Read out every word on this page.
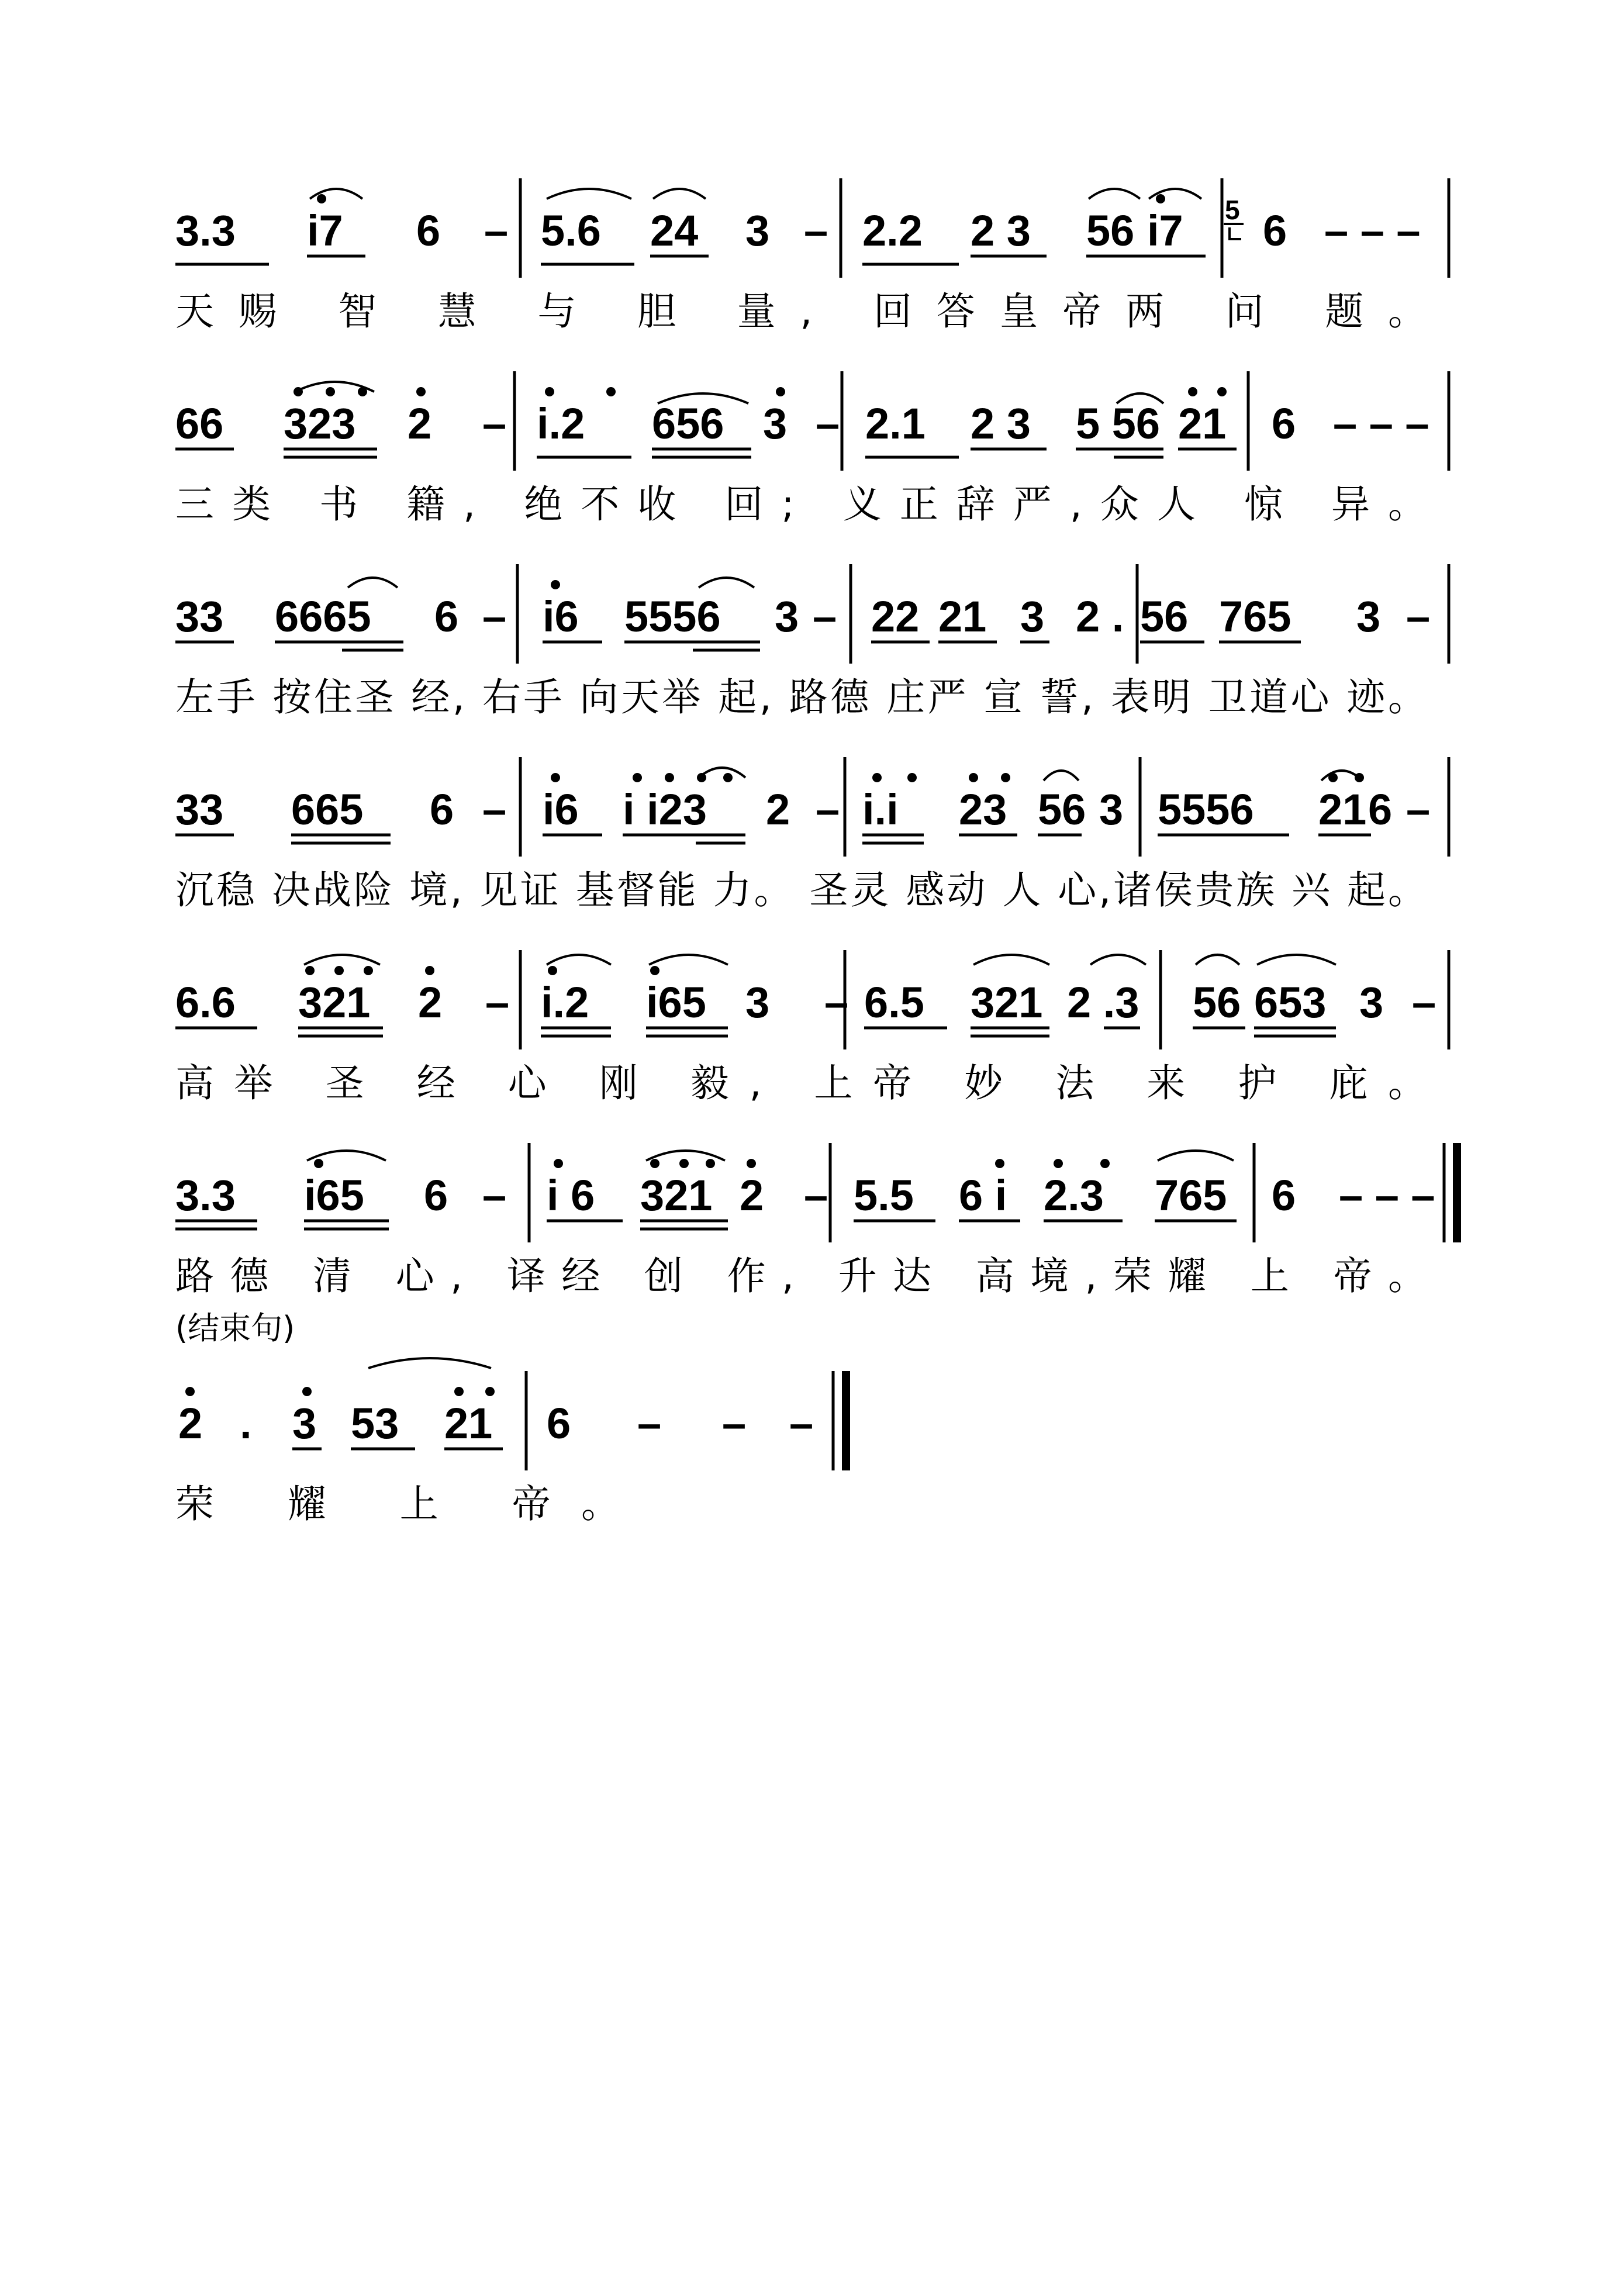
3.3 i7 6 – 5.6 24 3 – 2.2 2 3 56 i7 6 – – –
5
天赐 智 慧 与 胆 量, 回答皇帝两 问 题。
66 323 2 – i.2 656 3 – 2.1 2 3 5 56 21 6 – – –
三类 书 籍, 绝不收 回; 义正辞严,众人 惊 异。
33 6665 6 – i6 5556 3 – 22 21 3 2 . 56 765 3 –
左手 按住圣 经, 右手 向天举 起, 路德 庄严 宣 誓, 表明 卫道心 迹。
33 665 6 – i6 i i23 2 – i.i 23 56 3 5556 21 6 –
沉稳 决战险 境, 见证 基督能 力。 圣灵 感动 人 心,诸侯贵族 兴 起。
6.6 321 2 – i.2 i65 3 – 6.5 321 2 .3 56 653 3 –
高举 圣 经 心 刚 毅, 上帝 妙 法 来 护 庇。
3.3 i65 6 – i 6 321 2 – 5.5 6 i 2.3 765 6 – – –
路德 清 心, 译经 创 作, 升达 高境,荣耀 上 帝。
(结束句)
2 . 3 53 21 6 – – –
荣 耀 上 帝。
